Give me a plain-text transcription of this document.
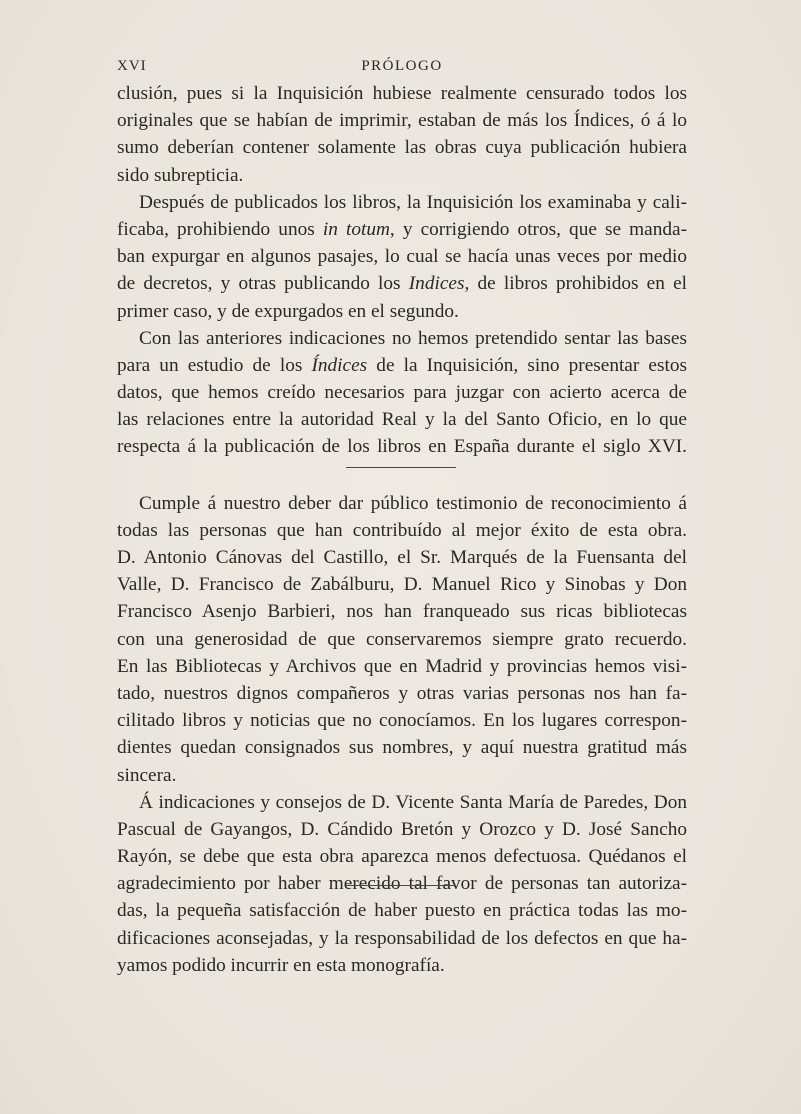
XVI	PRÓLOGO
clusión, pues si la Inquisición hubiese realmente censurado todos los
originales que se habían de imprimir, estaban de más los Índices, ó á lo
sumo deberían contener solamente las obras cuya publicación hubiera
sido subrepticia.
Después de publicados los libros, la Inquisición los examinaba y cali-
ficaba, prohibiendo unos in totum, y corrigiendo otros, que se manda-
ban expurgar en algunos pasajes, lo cual se hacía unas veces por medio
de decretos, y otras publicando los Indices, de libros prohibidos en el
primer caso, y de expurgados en el segundo.
Con las anteriores indicaciones no hemos pretendido sentar las bases
para un estudio de los Índices de la Inquisición, sino presentar estos
datos, que hemos creído necesarios para juzgar con acierto acerca de
las relaciones entre la autoridad Real y la del Santo Oficio, en lo que
respecta á la publicación de los libros en España durante el siglo XVI.
Cumple á nuestro deber dar público testimonio de reconocimiento á
todas las personas que han contribuído al mejor éxito de esta obra.
D. Antonio Cánovas del Castillo, el Sr. Marqués de la Fuensanta del
Valle, D. Francisco de Zabálburu, D. Manuel Rico y Sinobas y Don
Francisco Asenjo Barbieri, nos han franqueado sus ricas bibliotecas
con una generosidad de que conservaremos siempre grato recuerdo.
En las Bibliotecas y Archivos que en Madrid y provincias hemos visi-
tado, nuestros dignos compañeros y otras varias personas nos han fa-
cilitado libros y noticias que no conocíamos. En los lugares correspon-
dientes quedan consignados sus nombres, y aquí nuestra gratitud más
sincera.
Á indicaciones y consejos de D. Vicente Santa María de Paredes, Don
Pascual de Gayangos, D. Cándido Bretón y Orozco y D. José Sancho
Rayón, se debe que esta obra aparezca menos defectuosa. Quédanos el
agradecimiento por haber merecido tal favor de personas tan autoriza-
das, la pequeña satisfacción de haber puesto en práctica todas las mo-
dificaciones aconsejadas, y la responsabilidad de los defectos en que ha-
yamos podido incurrir en esta monografía.
